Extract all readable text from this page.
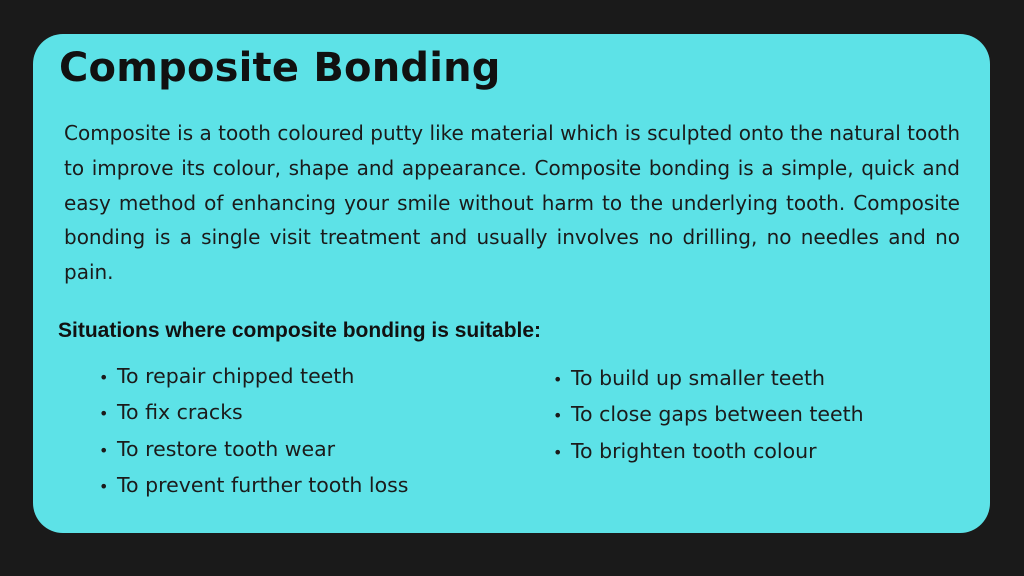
Composite Bonding

Composite is a tooth coloured putty like material which is sculpted onto the natural tooth to improve its colour, shape and appearance. Composite bonding is a simple, quick and easy method of enhancing your smile without harm to the underlying tooth. Composite bonding is a single visit treatment and usually involves no drilling, no needles and no pain.

Situations where composite bonding is suitable:
• To repair chipped teeth
• To fix cracks
• To restore tooth wear
• To prevent further tooth loss
• To build up smaller teeth
• To close gaps between teeth
• To brighten tooth colour
